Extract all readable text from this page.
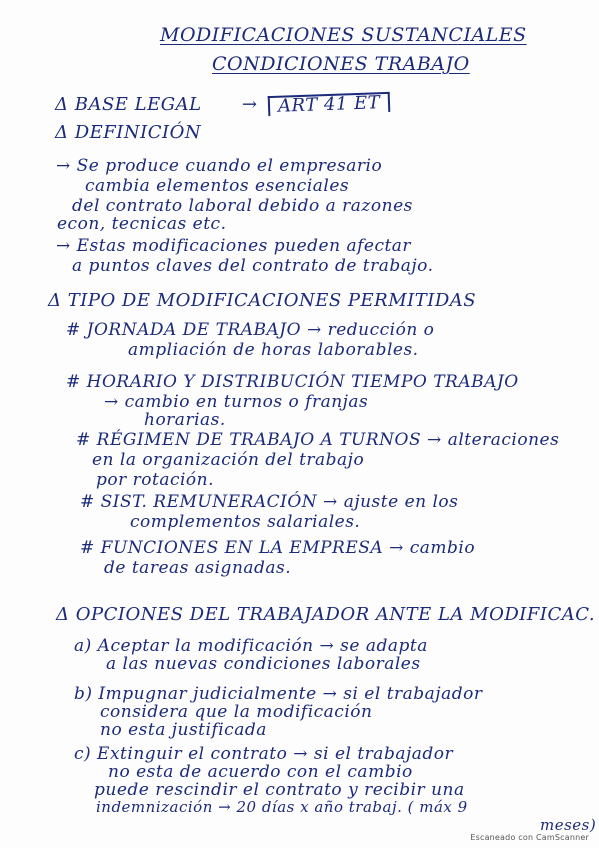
MODIFICACIONES SUSTANCIALES
CONDICIONES TRABAJO
Δ BASE LEGAL → ART 41 ET
Δ DEFINICIÓN
→ Se produce cuando el empresario
cambia elementos esenciales
del contrato laboral debido a razones
econ, tecnicas etc.
→ Estas modificaciones pueden afectar
a puntos claves del contrato de trabajo.
Δ TIPO DE MODIFICACIONES PERMITIDAS
# JORNADA DE TRABAJO → reducción o
ampliación de horas laborables.
# HORARIO Y DISTRIBUCIÓN TIEMPO TRABAJO
→ cambio en turnos o franjas
horarias.
# RÉGIMEN DE TRABAJO A TURNOS → alteraciones
en la organización del trabajo
por rotación.
# SIST. REMUNERACIÓN → ajuste en los
complementos salariales.
# FUNCIONES EN LA EMPRESA → cambio
de tareas asignadas.
Δ OPCIONES DEL TRABAJADOR ANTE LA MODIFICAC.
a) Aceptar la modificación → se adapta
a las nuevas condiciones laborales
b) Impugnar judicialmente → si el trabajador
considera que la modificación
no esta justificada
c) Extinguir el contrato → si el trabajador
no esta de acuerdo con el cambio
puede rescindir el contrato y recibir una
indemnización → 20 días x año trabaj. ( máx 9
meses)
Escaneado con CamScanner
